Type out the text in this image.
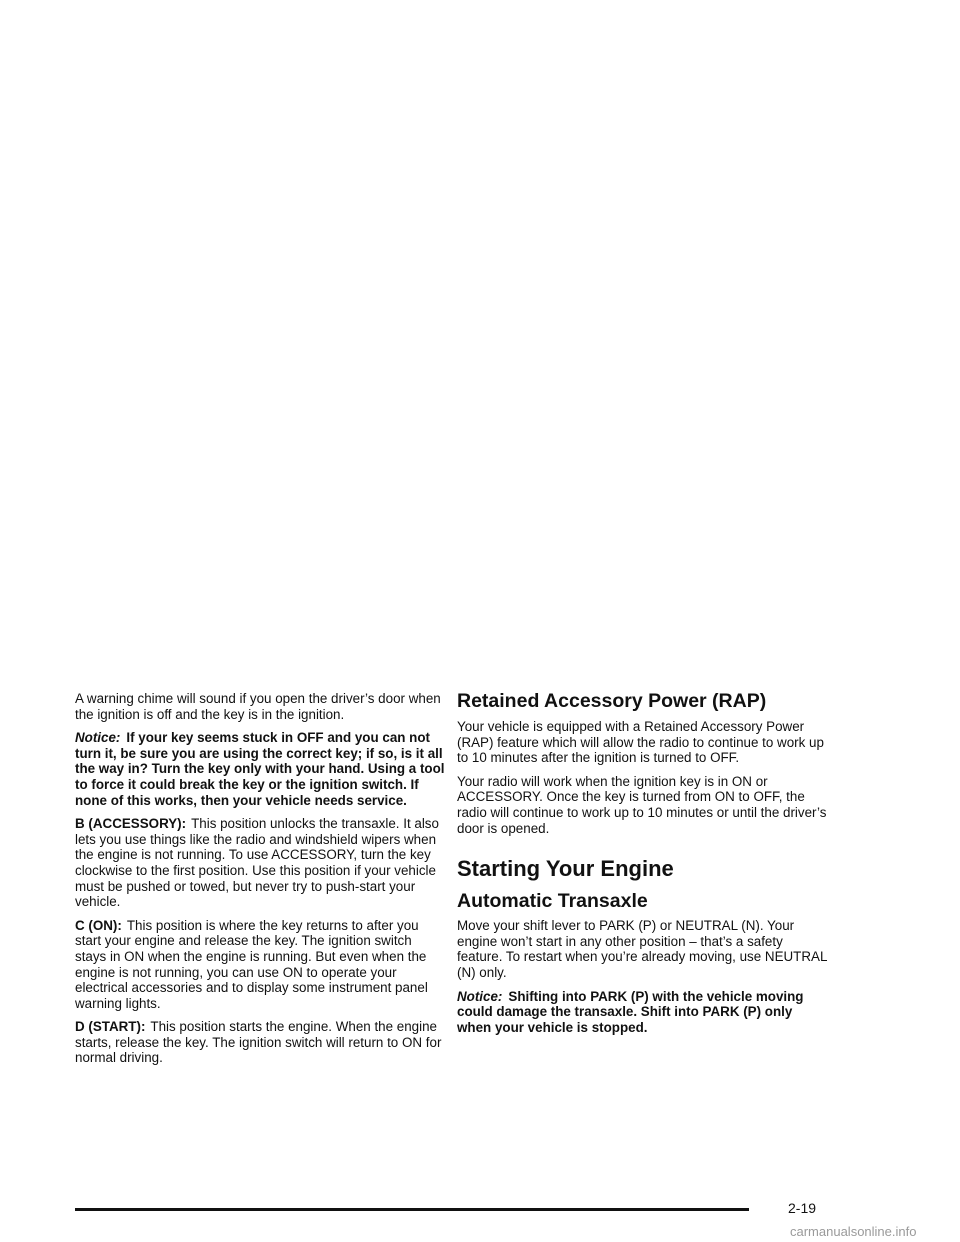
Retained Accessory Power (RAP)

A warning chime will sound if you open the driver’s door when the ignition is off and the key is in the ignition.

Notice: If your key seems stuck in OFF and you can not turn it, be sure you are using the correct key; if so, is it all the way in? Turn the key only with your hand. Using a tool to force it could break the key or the ignition switch. If none of this works, then your vehicle needs service.

B (ACCESSORY): This position unlocks the transaxle. It also lets you use things like the radio and windshield wipers when the engine is not running. To use ACCESSORY, turn the key clockwise to the first position. Use this position if your vehicle must be pushed or towed, but never try to push-start your vehicle.

C (ON): This position is where the key returns to after you start your engine and release the key. The ignition switch stays in ON when the engine is running. But even when the engine is not running, you can use ON to operate your electrical accessories and to display some instrument panel warning lights.

D (START): This position starts the engine. When the engine starts, release the key. The ignition switch will return to ON for normal driving.

Your vehicle is equipped with a Retained Accessory Power (RAP) feature which will allow the radio to continue to work up to 10 minutes after the ignition is turned to OFF.

Your radio will work when the ignition key is in ON or ACCESSORY. Once the key is turned from ON to OFF, the radio will continue to work up to 10 minutes or until the driver’s door is opened.

Starting Your Engine
Automatic Transaxle

Move your shift lever to PARK (P) or NEUTRAL (N). Your engine won’t start in any other position – that’s a safety feature. To restart when you’re already moving, use NEUTRAL (N) only.

Notice: Shifting into PARK (P) with the vehicle moving could damage the transaxle. Shift into PARK (P) only when your vehicle is stopped.

2-19
carmanualsonline.info
